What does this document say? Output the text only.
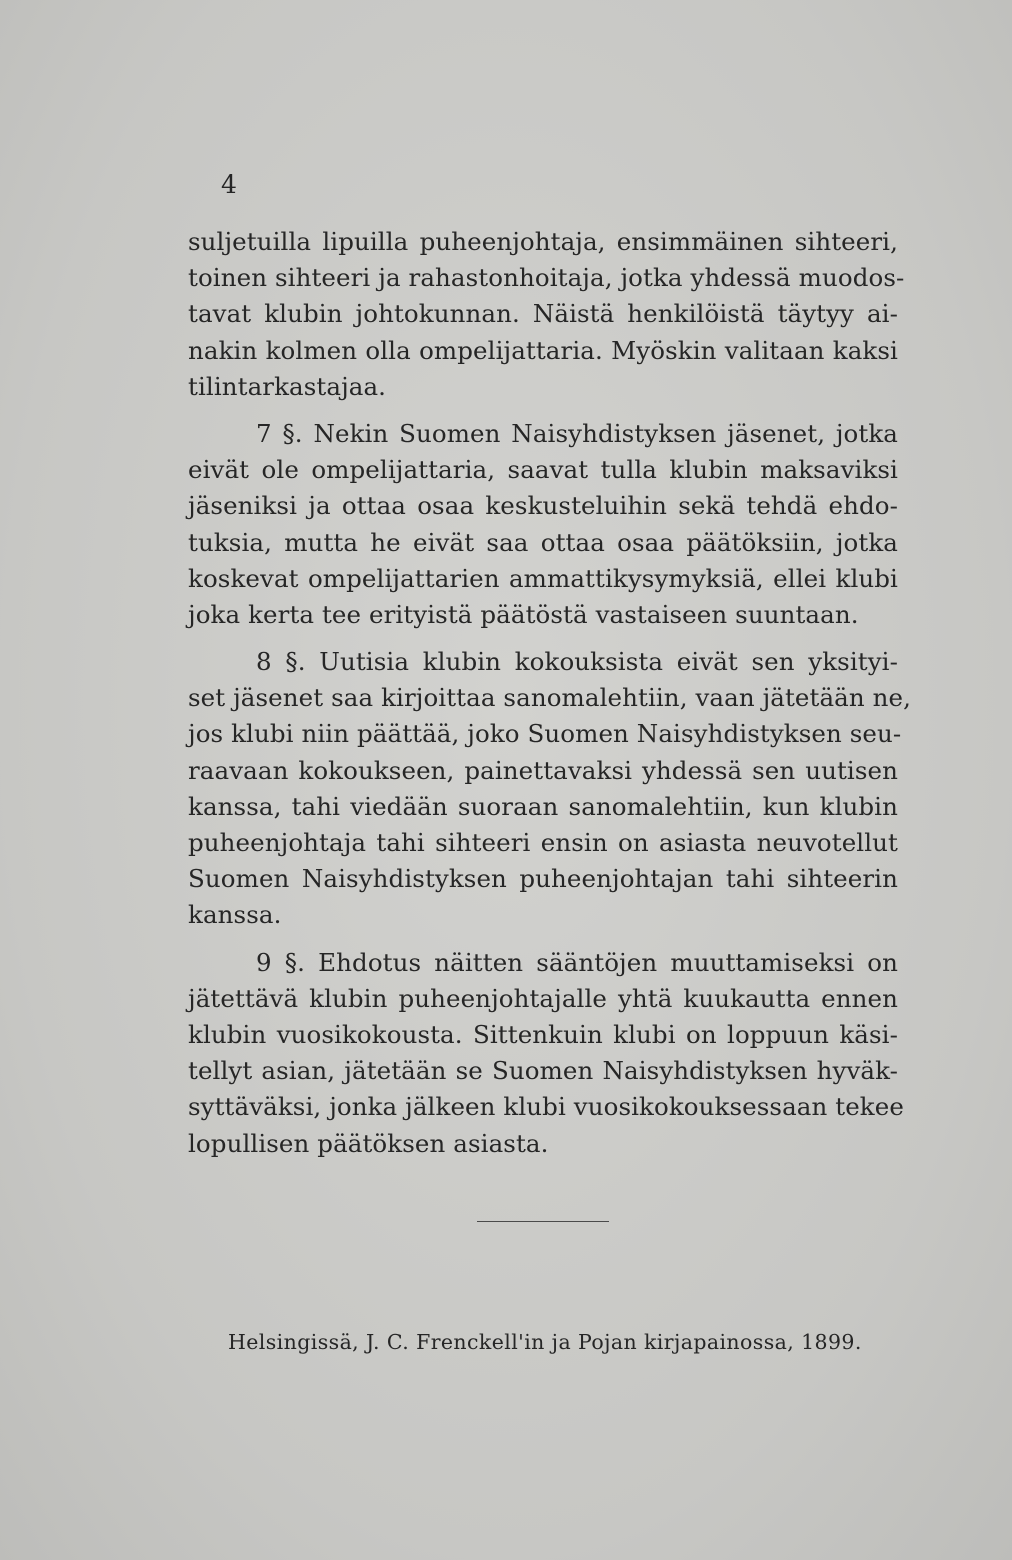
4
suljetuilla lipuilla puheenjohtaja, ensimmäinen sihteeri,
toinen sihteeri ja rahastonhoitaja, jotka yhdessä muodos-
tavat klubin johtokunnan. Näistä henkilöistä täytyy ai-
nakin kolmen olla ompelijattaria. Myöskin valitaan kaksi
tilintarkastajaa.
7 §. Nekin Suomen Naisyhdistyksen jäsenet, jotka
eivät ole ompelijattaria, saavat tulla klubin maksaviksi
jäseniksi ja ottaa osaa keskusteluihin sekä tehdä ehdo-
tuksia, mutta he eivät saa ottaa osaa päätöksiin, jotka
koskevat ompelijattarien ammattikysymyksiä, ellei klubi
joka kerta tee erityistä päätöstä vastaiseen suuntaan.
8 §. Uutisia klubin kokouksista eivät sen yksityi-
set jäsenet saa kirjoittaa sanomalehtiin, vaan jätetään ne,
jos klubi niin päättää, joko Suomen Naisyhdistyksen seu-
raavaan kokoukseen, painettavaksi yhdessä sen uutisen
kanssa, tahi viedään suoraan sanomalehtiin, kun klubin
puheenjohtaja tahi sihteeri ensin on asiasta neuvotellut
Suomen Naisyhdistyksen puheenjohtajan tahi sihteerin
kanssa.
9 §. Ehdotus näitten sääntöjen muuttamiseksi on
jätettävä klubin puheenjohtajalle yhtä kuukautta ennen
klubin vuosikokousta. Sittenkuin klubi on loppuun käsi-
tellyt asian, jätetään se Suomen Naisyhdistyksen hyväk-
syttäväksi, jonka jälkeen klubi vuosikokouksessaan tekee
lopullisen päätöksen asiasta.
Helsingissä, J. C. Frenckell'in ja Pojan kirjapainossa, 1899.
